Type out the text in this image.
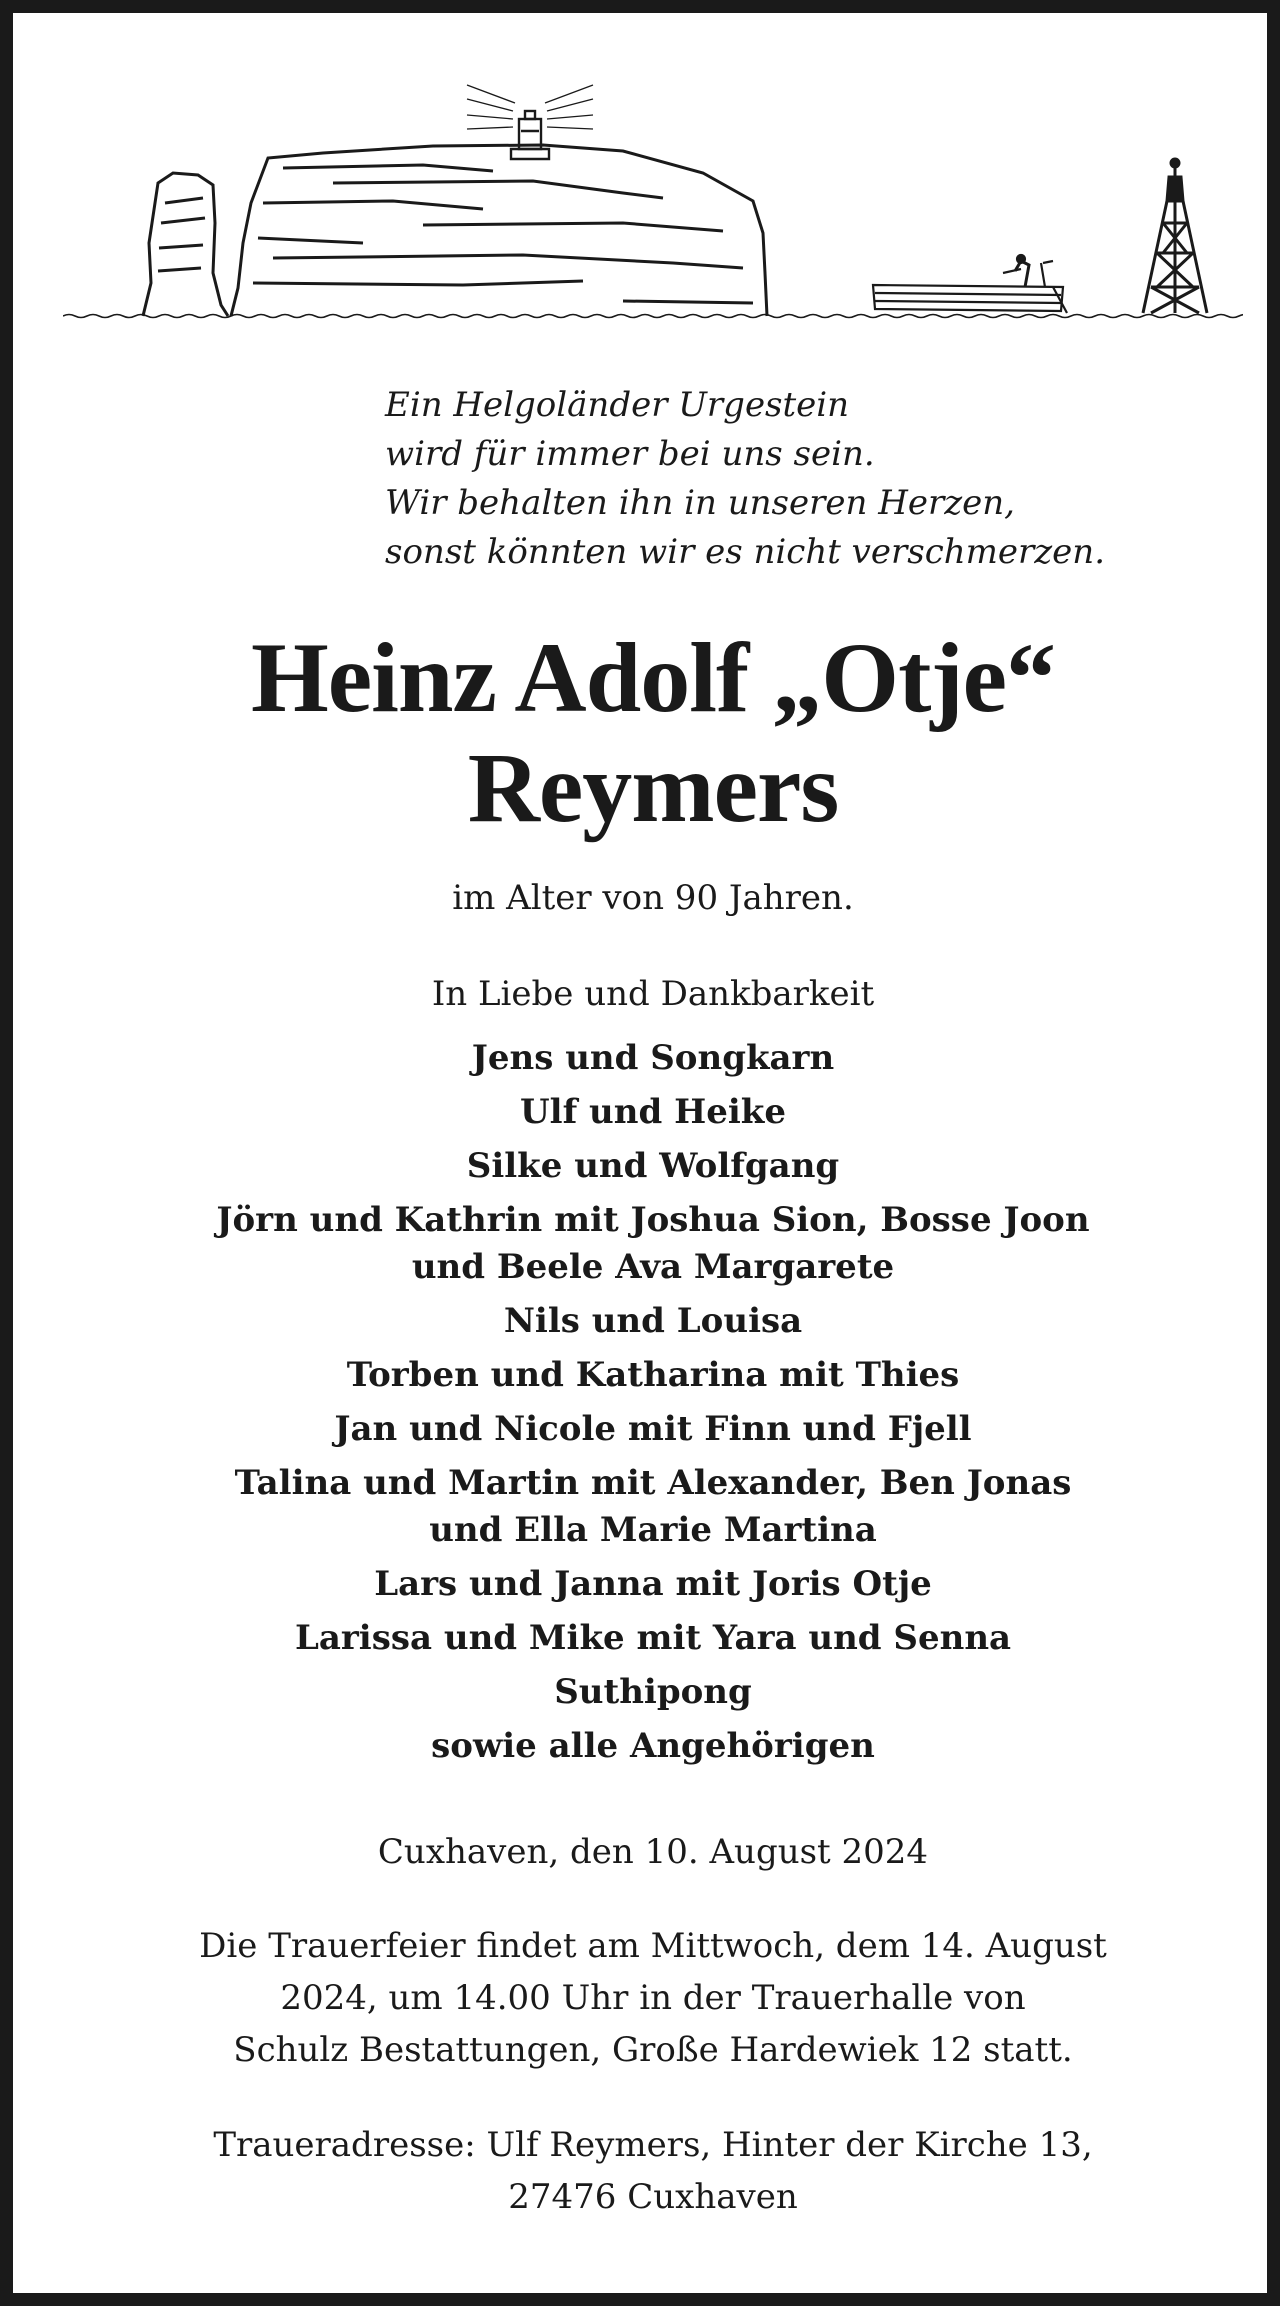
Ein Helgoländer Urgestein
wird für immer bei uns sein.
Wir behalten ihn in unseren Herzen,
sonst könnten wir es nicht verschmerzen.
Heinz Adolf „Otje“
Reymers
im Alter von 90 Jahren.
In Liebe und Dankbarkeit
Jens und Songkarn
Ulf und Heike
Silke und Wolfgang
Jörn und Kathrin mit Joshua Sion, Bosse Joon
und Beele Ava Margarete
Nils und Louisa
Torben und Katharina mit Thies
Jan und Nicole mit Finn und Fjell
Talina und Martin mit Alexander, Ben Jonas
und Ella Marie Martina
Lars und Janna mit Joris Otje
Larissa und Mike mit Yara und Senna
Suthipong
sowie alle Angehörigen
Cuxhaven, den 10. August 2024
Die Trauerfeier findet am Mittwoch, dem 14. August
2024, um 14.00 Uhr in der Trauerhalle von
Schulz Bestattungen, Große Hardewiek 12 statt.
Traueradresse: Ulf Reymers, Hinter der Kirche 13,
27476 Cuxhaven
